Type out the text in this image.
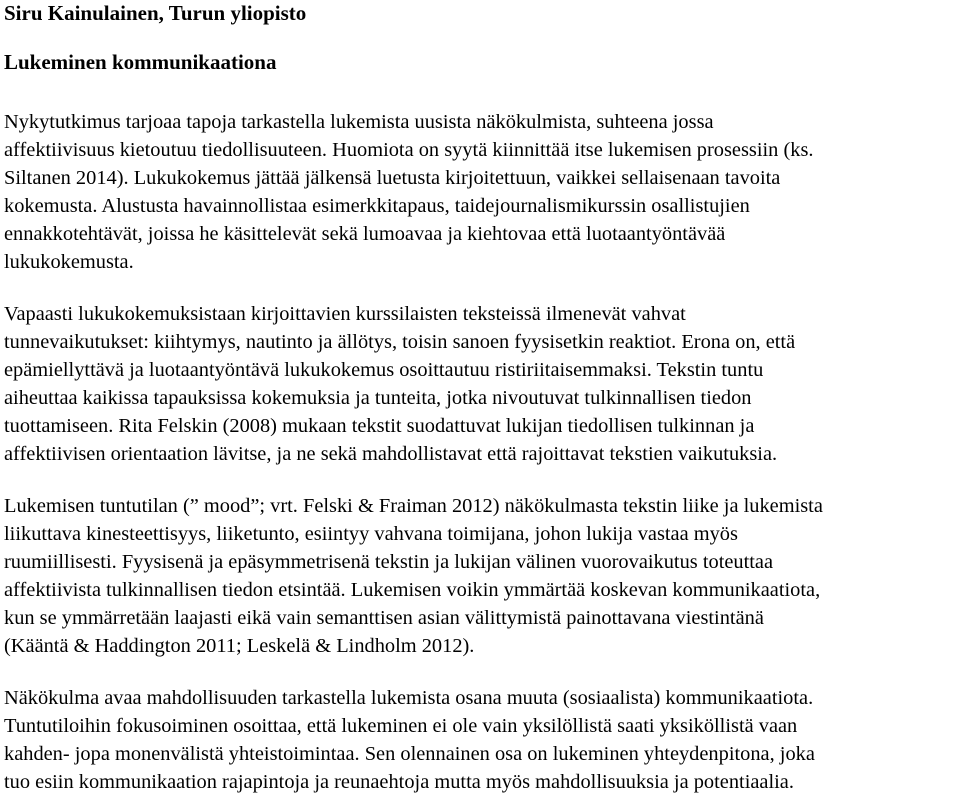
Siru Kainulainen, Turun yliopisto
Lukeminen kommunikaationa

Nykytutkimus tarjoaa tapoja tarkastella lukemista uusista näkökulmista, suhteena jossa
affektiivisuus kietoutuu tiedollisuuteen. Huomiota on syytä kiinnittää itse lukemisen prosessiin (ks.
Siltanen 2014). Lukukokemus jättää jälkensä luetusta kirjoitettuun, vaikkei sellaisenaan tavoita
kokemusta. Alustusta havainnollistaa esimerkkitapaus, taidejournalismikurssin osallistujien
ennakkotehtävät, joissa he käsittelevät sekä lumoavaa ja kiehtovaa että luotaantyöntävää
lukukokemusta.

Vapaasti lukukokemuksistaan kirjoittavien kurssilaisten teksteissä ilmenevät vahvat
tunnevaikutukset: kiihtymys, nautinto ja ällötys, toisin sanoen fyysisetkin reaktiot. Erona on, että
epämiellyttävä ja luotaantyöntävä lukukokemus osoittautuu ristiriitaisemmaksi. Tekstin tuntu
aiheuttaa kaikissa tapauksissa kokemuksia ja tunteita, jotka nivoutuvat tulkinnallisen tiedon
tuottamiseen. Rita Felskin (2008) mukaan tekstit suodattuvat lukijan tiedollisen tulkinnan ja
affektiivisen orientaation lävitse, ja ne sekä mahdollistavat että rajoittavat tekstien vaikutuksia.

Lukemisen tuntutilan (” mood”; vrt. Felski & Fraiman 2012) näkökulmasta tekstin liike ja lukemista
liikuttava kinesteettisyys, liiketunto, esiintyy vahvana toimijana, johon lukija vastaa myös
ruumiillisesti. Fyysisenä ja epäsymmetrisenä tekstin ja lukijan välinen vuorovaikutus toteuttaa
affektiivista tulkinnallisen tiedon etsintää. Lukemisen voikin ymmärtää koskevan kommunikaatiota,
kun se ymmärretään laajasti eikä vain semanttisen asian välittymistä painottavana viestintänä
(Kääntä & Haddington 2011; Leskelä & Lindholm 2012).

Näkökulma avaa mahdollisuuden tarkastella lukemista osana muuta (sosiaalista) kommunikaatiota.
Tuntutiloihin fokusoiminen osoittaa, että lukeminen ei ole vain yksilöllistä saati yksiköllistä vaan
kahden- jopa monenvälistä yhteistoimintaa. Sen olennainen osa on lukeminen yhteydenpitona, joka
tuo esiin kommunikaation rajapintoja ja reunaehtoja mutta myös mahdollisuuksia ja potentiaalia.
